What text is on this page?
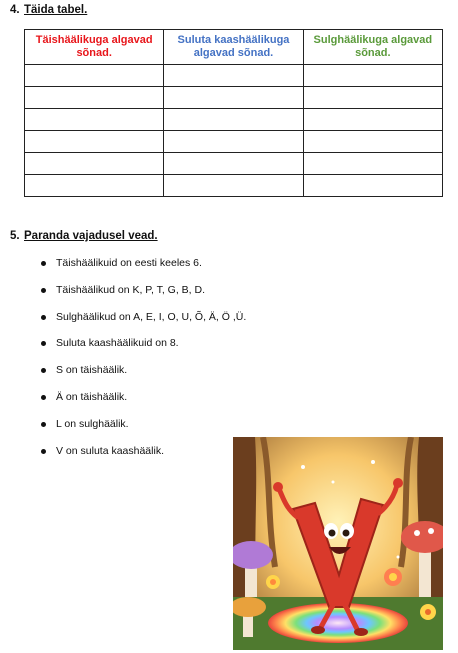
4. Täida tabel.
Täishäälikuga algavad sõnad.	Suluta kaashäälikuga algavad sõnad.	Sulghäälikuga algavad sõnad.

5. Paranda vajadusel vead.
Täishäälikuid on eesti keeles 6.
Täishäälikud on K, P, T, G, B, D.
Sulghäälikud on A, E, I, O, U, Õ, Ä, Ö ,Ü.
Suluta kaashäälikuid on 8.
S on täishäälik.
Ä on täishäälik.
L on sulghäälik.
V on suluta kaashäälik.
